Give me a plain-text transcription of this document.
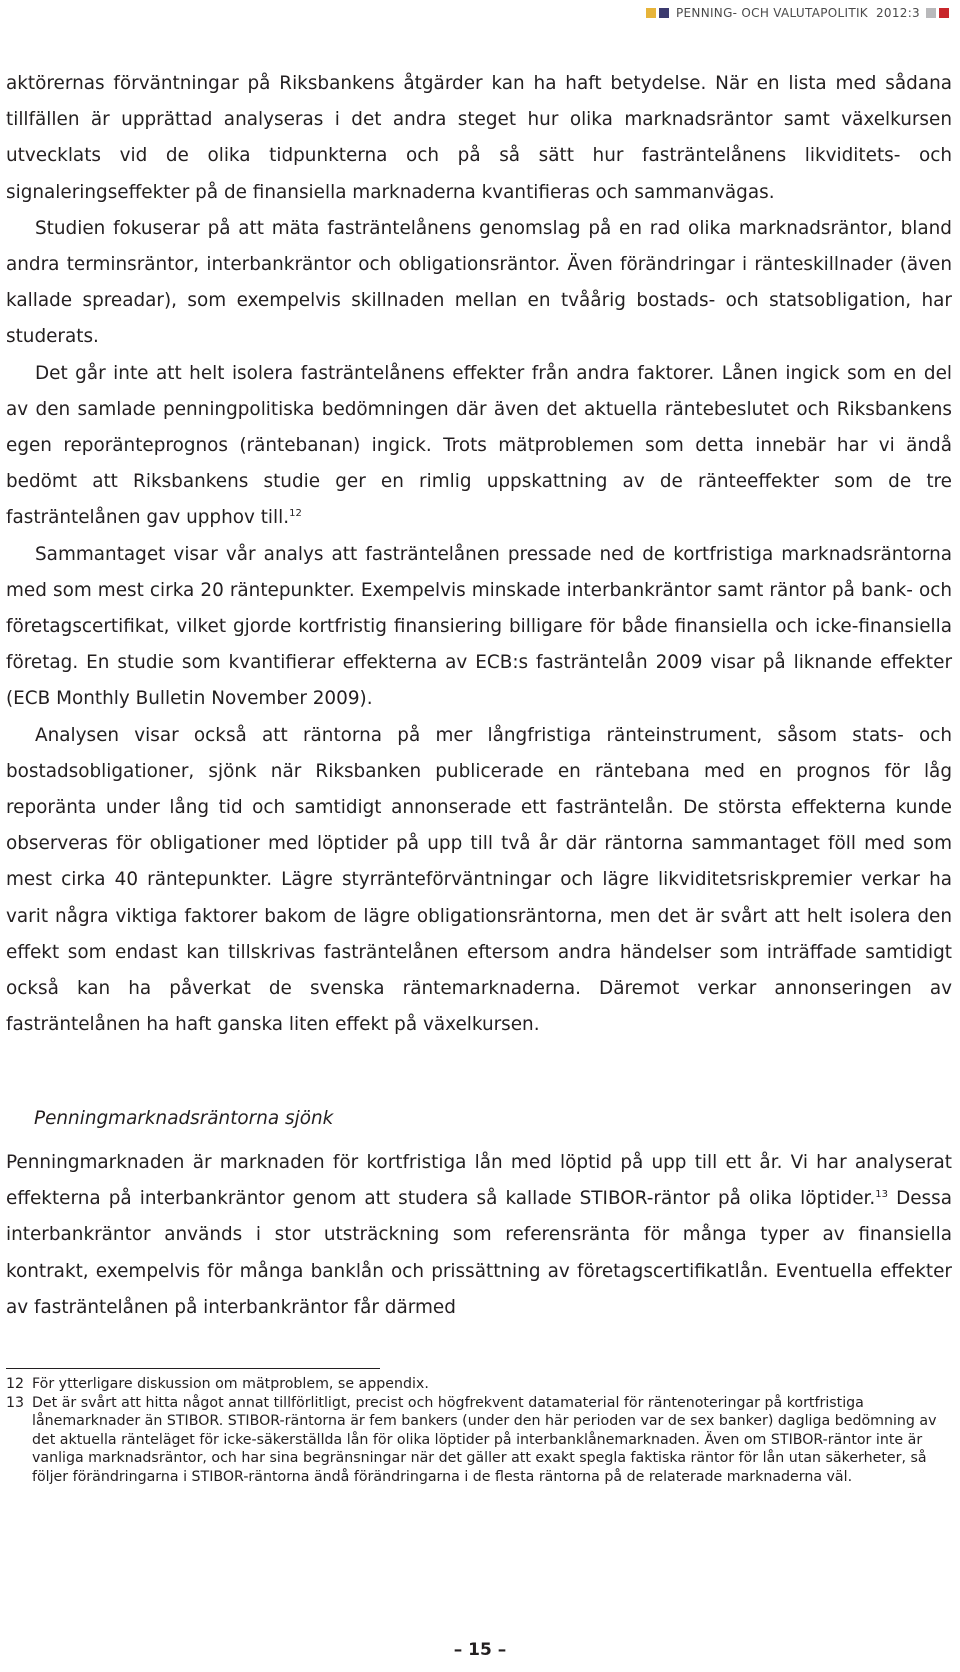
PENNING- OCH VALUTAPOLITIK 2012:3

aktörernas förväntningar på Riksbankens åtgärder kan ha haft betydelse. När en lista med sådana tillfällen är upprättad analyseras i det andra steget hur olika marknadsräntor samt växelkursen utvecklats vid de olika tidpunkterna och på så sätt hur fasträntelånens likviditets- och signaleringseffekter på de finansiella marknaderna kvantifieras och sammanvägas.

Studien fokuserar på att mäta fasträntelånens genomslag på en rad olika marknadsräntor, bland andra terminsräntor, interbankräntor och obligationsräntor. Även förändringar i ränteskillnader (även kallade spreadar), som exempelvis skillnaden mellan en tvåårig bostads- och statsobligation, har studerats.

Det går inte att helt isolera fasträntelånens effekter från andra faktorer. Lånen ingick som en del av den samlade penningpolitiska bedömningen där även det aktuella räntebeslutet och Riksbankens egen reporänteprognos (räntebanan) ingick. Trots mätproblemen som detta innebär har vi ändå bedömt att Riksbankens studie ger en rimlig uppskattning av de ränteeffekter som de tre fasträntelånen gav upphov till.$^{12}$

Sammantaget visar vår analys att fasträntelånen pressade ned de kortfristiga marknadsräntorna med som mest cirka 20 räntepunkter. Exempelvis minskade interbankräntor samt räntor på bank- och företagscertifikat, vilket gjorde kortfristig finansiering billigare för både finansiella och icke-finansiella företag. En studie som kvantifierar effekterna av ECB:s fasträntelån 2009 visar på liknande effekter (ECB Monthly Bulletin November 2009).

Analysen visar också att räntorna på mer långfristiga ränteinstrument, såsom stats- och bostadsobligationer, sjönk när Riksbanken publicerade en räntebana med en prognos för låg reporänta under lång tid och samtidigt annonserade ett fasträntelån. De största effekterna kunde observeras för obligationer med löptider på upp till två år där räntorna sammantaget föll med som mest cirka 40 räntepunkter. Lägre styrränteförväntningar och lägre likviditetsriskpremier verkar ha varit några viktiga faktorer bakom de lägre obligationsräntorna, men det är svårt att helt isolera den effekt som endast kan tillskrivas fasträntelånen eftersom andra händelser som inträffade samtidigt också kan ha påverkat de svenska räntemarknaderna. Däremot verkar annonseringen av fasträntelånen ha haft ganska liten effekt på växelkursen.

Penningmarknadsräntorna sjönk

Penningmarknaden är marknaden för kortfristiga lån med löptid på upp till ett år. Vi har analyserat effekterna på interbankräntor genom att studera så kallade STIBOR-räntor på olika löptider.$^{13}$ Dessa interbankräntor används i stor utsträckning som referensränta för många typer av finansiella kontrakt, exempelvis för många banklån och prissättning av företagscertifikatlån. Eventuella effekter av fasträntelånen på interbankräntor får därmed

12 För ytterligare diskussion om mätproblem, se appendix.
13 Det är svårt att hitta något annat tillförlitligt, precist och högfrekvent datamaterial för räntenoteringar på kortfristiga lånemarknader än STIBOR. STIBOR-räntorna är fem bankers (under den här perioden var de sex banker) dagliga bedömning av det aktuella ränteläget för icke-säkerställda lån för olika löptider på interbanklånemarknaden. Även om STIBOR-räntor inte är vanliga marknadsräntor, och har sina begränsningar när det gäller att exakt spegla faktiska räntor för lån utan säkerheter, så följer förändringarna i STIBOR-räntorna ändå förändringarna i de flesta räntorna på de relaterade marknaderna väl.
– 15 –
